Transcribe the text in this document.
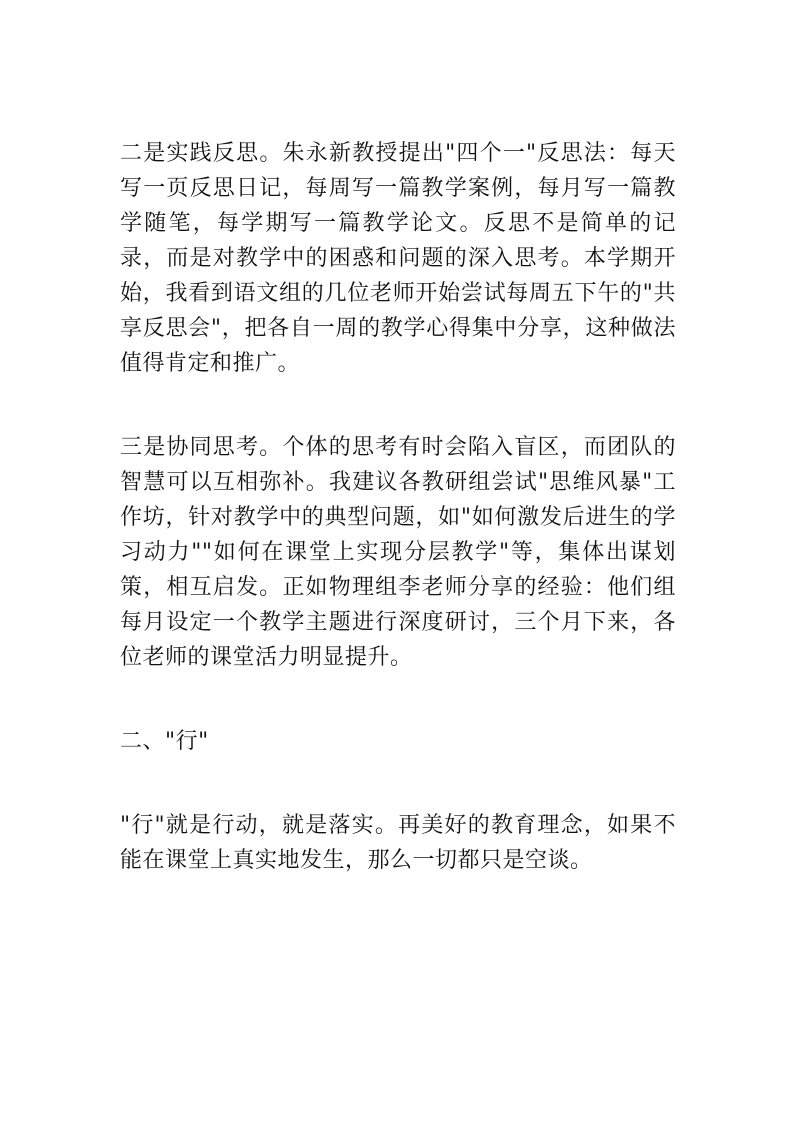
二是实践反思。朱永新教授提出"四个一"反思法：每天写一页反思日记，每周写一篇教学案例，每月写一篇教学随笔，每学期写一篇教学论文。反思不是简单的记录，而是对教学中的困惑和问题的深入思考。本学期开始，我看到语文组的几位老师开始尝试每周五下午的"共享反思会"，把各自一周的教学心得集中分享，这种做法值得肯定和推广。

三是协同思考。个体的思考有时会陷入盲区，而团队的智慧可以互相弥补。我建议各教研组尝试"思维风暴"工作坊，针对教学中的典型问题，如"如何激发后进生的学习动力""如何在课堂上实现分层教学"等，集体出谋划策，相互启发。正如物理组李老师分享的经验：他们组每月设定一个教学主题进行深度研讨，三个月下来，各位老师的课堂活力明显提升。

二、"行"

"行"就是行动，就是落实。再美好的教育理念，如果不能在课堂上真实地发生，那么一切都只是空谈。
